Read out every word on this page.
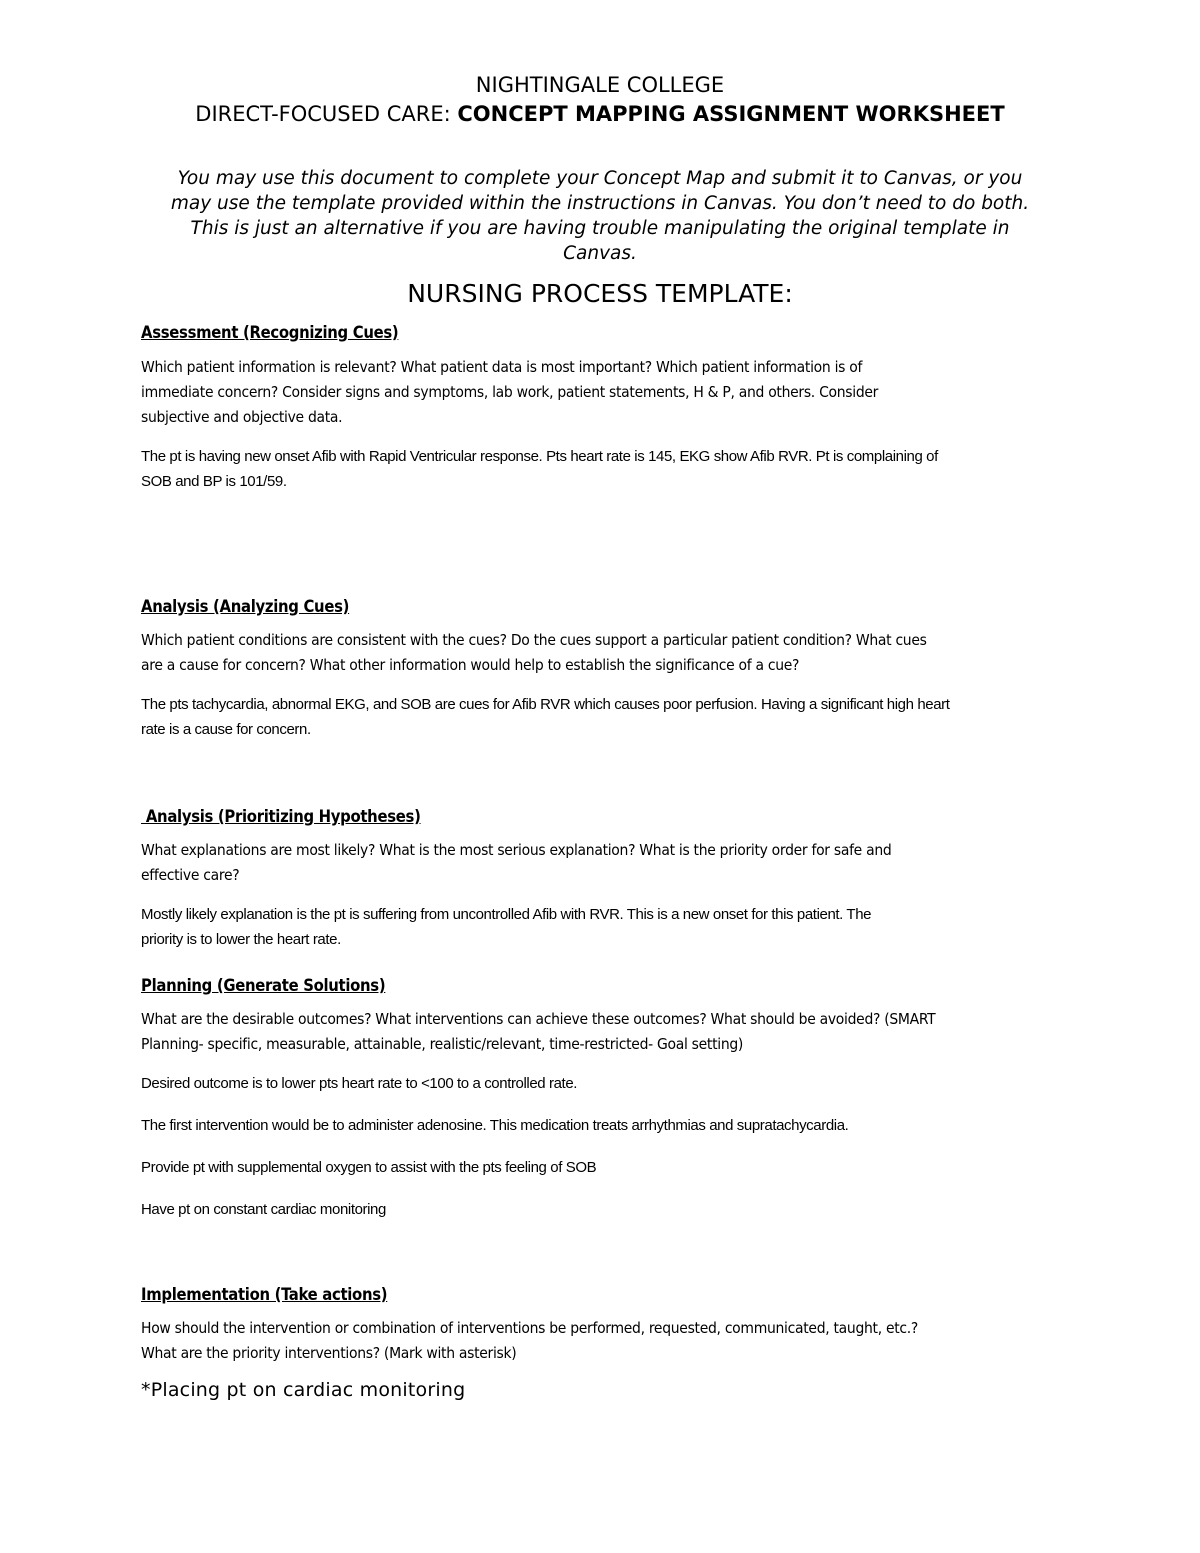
NIGHTINGALE COLLEGE
DIRECT-FOCUSED CARE: CONCEPT MAPPING ASSIGNMENT WORKSHEET
You may use this document to complete your Concept Map and submit it to Canvas, or you
may use the template provided within the instructions in Canvas. You don’t need to do both.
This is just an alternative if you are having trouble manipulating the original template in
Canvas.
NURSING PROCESS TEMPLATE:
Assessment (Recognizing Cues)
Which patient information is relevant? What patient data is most important? Which patient information is of
immediate concern? Consider signs and symptoms, lab work, patient statements, H & P, and others. Consider
subjective and objective data.
The pt is having new onset Afib with Rapid Ventricular response. Pts heart rate is 145, EKG show Afib RVR. Pt is complaining of
SOB and BP is 101/59.
Analysis (Analyzing Cues)
Which patient conditions are consistent with the cues? Do the cues support a particular patient condition? What cues
are a cause for concern? What other information would help to establish the significance of a cue?
The pts tachycardia, abnormal EKG, and SOB are cues for Afib RVR which causes poor perfusion. Having a significant high heart
rate is a cause for concern.
Analysis (Prioritizing Hypotheses)
What explanations are most likely? What is the most serious explanation? What is the priority order for safe and
effective care?
Mostly likely explanation is the pt is suffering from uncontrolled Afib with RVR. This is a new onset for this patient. The
priority is to lower the heart rate.
Planning (Generate Solutions)
What are the desirable outcomes? What interventions can achieve these outcomes? What should be avoided? (SMART
Planning- specific, measurable, attainable, realistic/relevant, time-restricted- Goal setting)
Desired outcome is to lower pts heart rate to <100 to a controlled rate.
The first intervention would be to administer adenosine. This medication treats arrhythmias and supratachycardia.
Provide pt with supplemental oxygen to assist with the pts feeling of SOB
Have pt on constant cardiac monitoring
Implementation (Take actions)
How should the intervention or combination of interventions be performed, requested, communicated, taught, etc.?
What are the priority interventions? (Mark with asterisk)
*Placing pt on cardiac monitoring
